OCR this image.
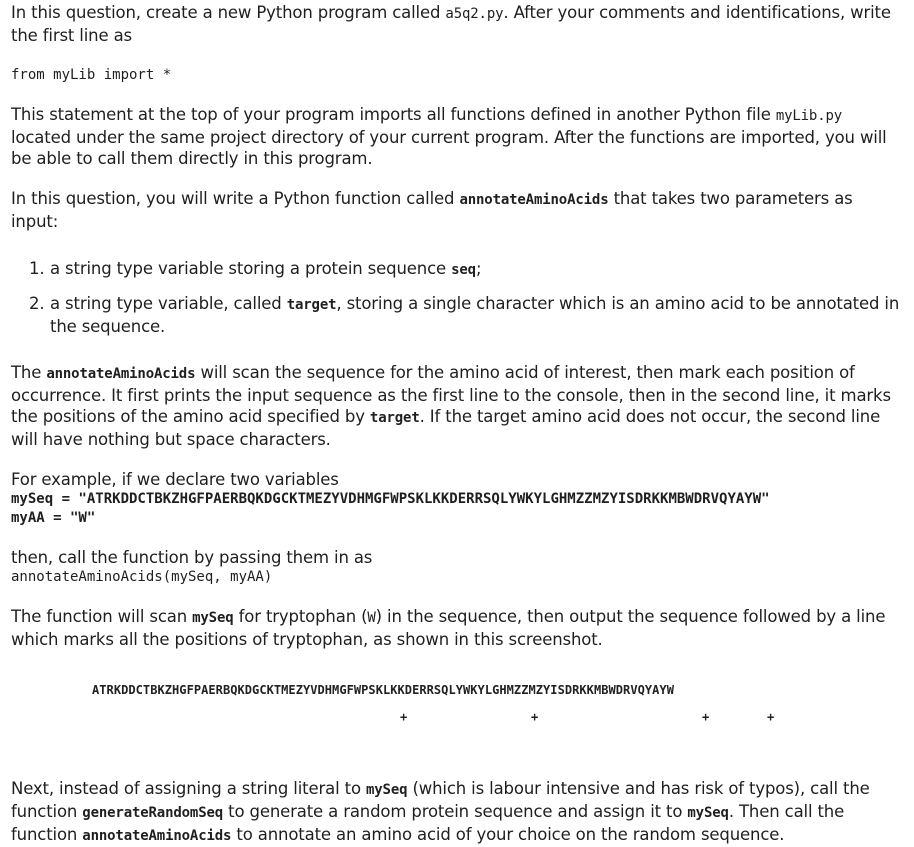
In this question, create a new Python program called a5q2.py. After your comments and identifications, write the first line as

from myLib import *

This statement at the top of your program imports all functions defined in another Python file myLib.py located under the same project directory of your current program. After the functions are imported, you will be able to call them directly in this program.

In this question, you will write a Python function called annotateAminoAcids that takes two parameters as input:

1. a string type variable storing a protein sequence seq;
2. a string type variable, called target, storing a single character which is an amino acid to be annotated in the sequence.

The annotateAminoAcids will scan the sequence for the amino acid of interest, then mark each position of occurrence. It first prints the input sequence as the first line to the console, then in the second line, it marks the positions of the amino acid specified by target. If the target amino acid does not occur, the second line will have nothing but space characters.

For example, if we declare two variables

mySeq = "ATRKDDCTBKZHGFPAERBQKDGCKTMEZYVDHMGFWPSKLKKDERRSQLYWKYLGHMZZMZYISDRKKMBWDRVQYAYW"
myAA = "W"

then, call the function by passing them in as

annotateAminoAcids(mySeq, myAA)

The function will scan mySeq for tryptophan (W) in the sequence, then output the sequence followed by a line which marks all the positions of tryptophan, as shown in this screenshot.

ATRKDDCTBKZHGFPAERBQKDGCKTMEZYVDHMGFWPSKLKKDERRSQLYWKYLGHMZZMZYISDRKKMBWDRVQYAYW
+	+	+	+

Next, instead of assigning a string literal to mySeq (which is labour intensive and has risk of typos), call the function generateRandomSeq to generate a random protein sequence and assign it to mySeq. Then call the function annotateAminoAcids to annotate an amino acid of your choice on the random sequence.
